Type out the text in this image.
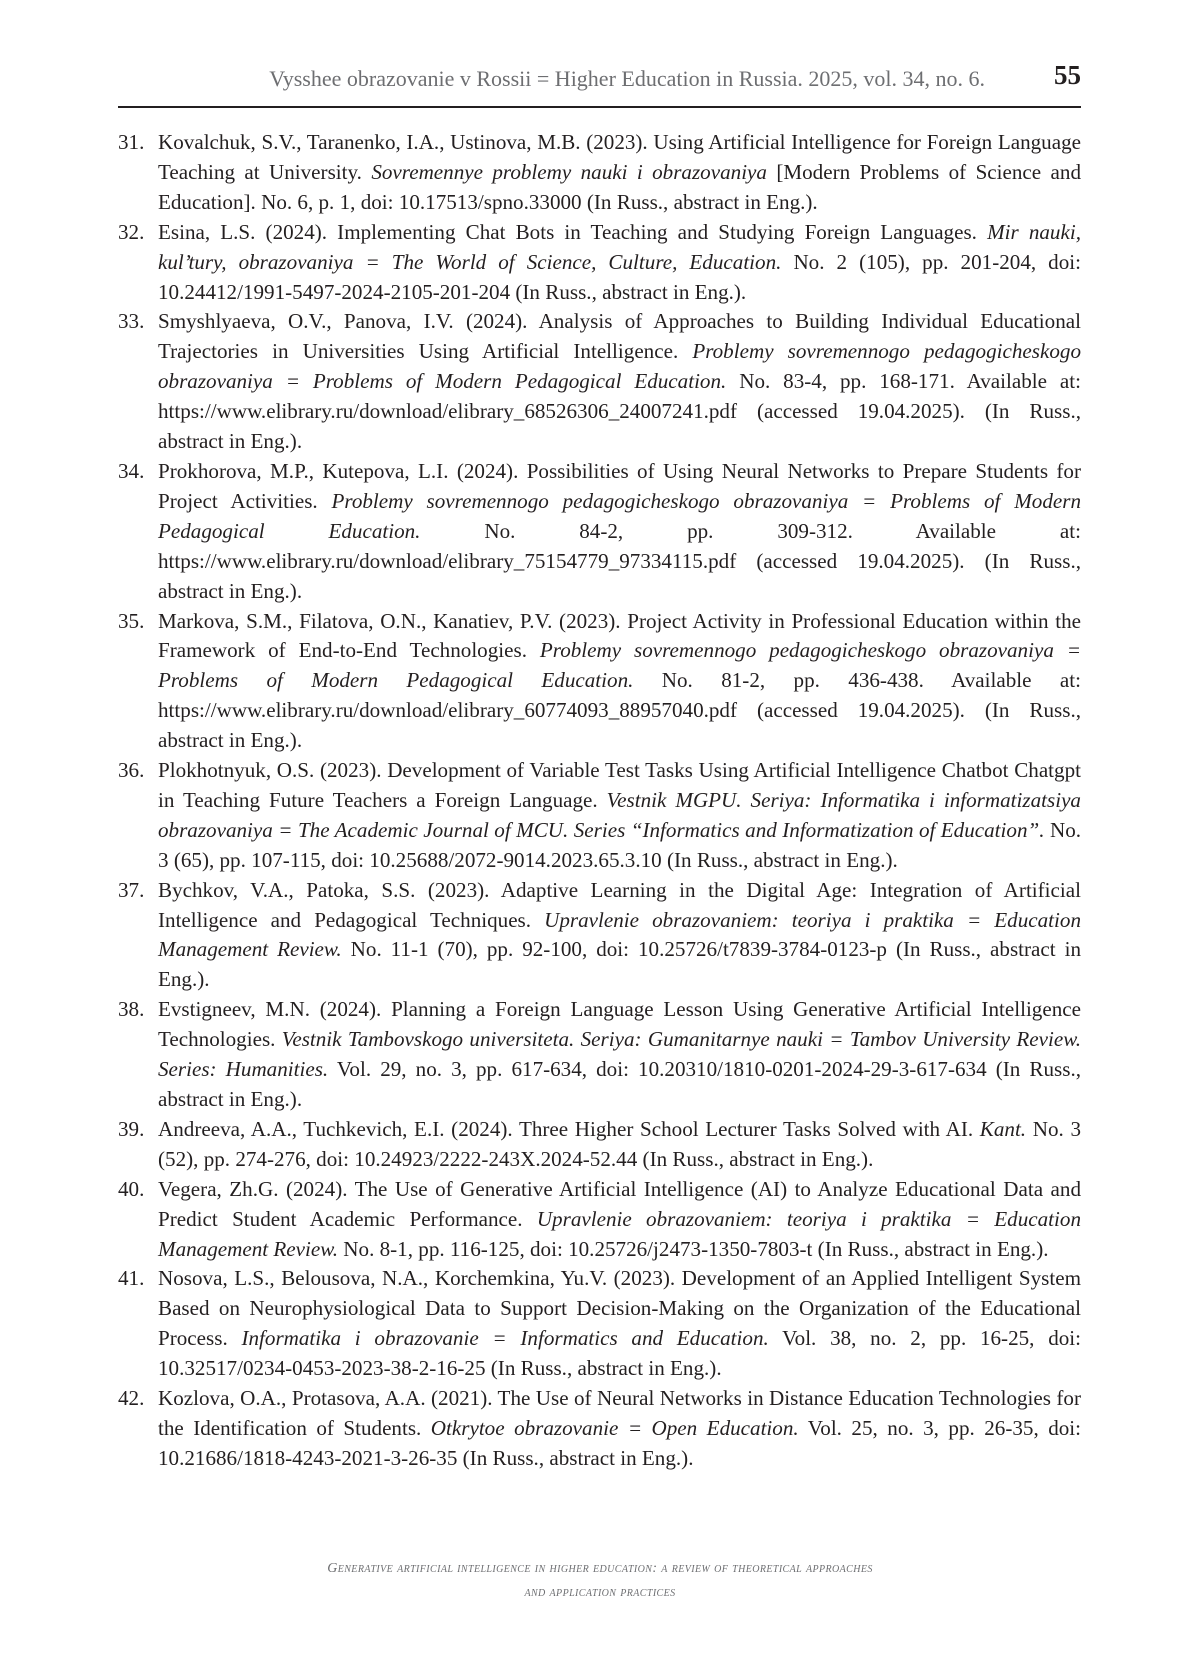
Vysshee obrazovanie v Rossii = Higher Education in Russia. 2025, vol. 34, no. 6.	55
31. Kovalchuk, S.V., Taranenko, I.A., Ustinova, M.B. (2023). Using Artificial Intelligence for Foreign Language Teaching at University. Sovremennye problemy nauki i obrazovaniya [Modern Problems of Science and Education]. No. 6, p. 1, doi: 10.17513/spno.33000 (In Russ., abstract in Eng.).
32. Esina, L.S. (2024). Implementing Chat Bots in Teaching and Studying Foreign Languages. Mir nauki, kul’tury, obrazovaniya = The World of Science, Culture, Education. No. 2 (105), pp. 201-204, doi: 10.24412/1991-5497-2024-2105-201-204 (In Russ., abstract in Eng.).
33. Smyshlyaeva, O.V., Panova, I.V. (2024). Analysis of Approaches to Building Individual Educational Trajectories in Universities Using Artificial Intelligence. Problemy sovremennogo pedagogicheskogo obrazovaniya = Problems of Modern Pedagogical Education. No. 83-4, pp. 168-171. Available at: https://www.elibrary.ru/download/elibrary_68526306_24007241.pdf (accessed 19.04.2025). (In Russ., abstract in Eng.).
34. Prokhorova, M.P., Kutepova, L.I. (2024). Possibilities of Using Neural Networks to Prepare Students for Project Activities. Problemy sovremennogo pedagogicheskogo obrazovaniya = Problems of Modern Pedagogical Education. No. 84-2, pp. 309-312. Available at: https://www.elibrary.ru/download/elibrary_75154779_97334115.pdf (accessed 19.04.2025). (In Russ., abstract in Eng.).
35. Markova, S.M., Filatova, O.N., Kanatiev, P.V. (2023). Project Activity in Professional Education within the Framework of End-to-End Technologies. Problemy sovremennogo pedagogicheskogo obrazovaniya = Problems of Modern Pedagogical Education. No. 81-2, pp. 436-438. Available at: https://www.elibrary.ru/download/elibrary_60774093_88957040.pdf (accessed 19.04.2025). (In Russ., abstract in Eng.).
36. Plokhotnyuk, O.S. (2023). Development of Variable Test Tasks Using Artificial Intelligence Chatbot Chatgpt in Teaching Future Teachers a Foreign Language. Vestnik MGPU. Seriya: Informatika i informatizatsiya obrazovaniya = The Academic Journal of MCU. Series “Informatics and Informatization of Education”. No. 3 (65), pp. 107-115, doi: 10.25688/2072-9014.2023.65.3.10 (In Russ., abstract in Eng.).
37. Bychkov, V.A., Patoka, S.S. (2023). Adaptive Learning in the Digital Age: Integration of Artificial Intelligence and Pedagogical Techniques. Upravlenie obrazovaniem: teoriya i praktika = Education Management Review. No. 11-1 (70), pp. 92-100, doi: 10.25726/t7839-3784-0123-p (In Russ., abstract in Eng.).
38. Evstigneev, M.N. (2024). Planning a Foreign Language Lesson Using Generative Artificial Intelligence Technologies. Vestnik Tambovskogo universiteta. Seriya: Gumanitarnye nauki = Tambov University Review. Series: Humanities. Vol. 29, no. 3, pp. 617-634, doi: 10.20310/1810-0201-2024-29-3-617-634 (In Russ., abstract in Eng.).
39. Andreeva, A.A., Tuchkevich, E.I. (2024). Three Higher School Lecturer Tasks Solved with AI. Kant. No. 3 (52), pp. 274-276, doi: 10.24923/2222-243X.2024-52.44 (In Russ., abstract in Eng.).
40. Vegera, Zh.G. (2024). The Use of Generative Artificial Intelligence (AI) to Analyze Educational Data and Predict Student Academic Performance. Upravlenie obrazovaniem: teoriya i praktika = Education Management Review. No. 8-1, pp. 116-125, doi: 10.25726/j2473-1350-7803-t (In Russ., abstract in Eng.).
41. Nosova, L.S., Belousova, N.A., Korchemkina, Yu.V. (2023). Development of an Applied Intelligent System Based on Neurophysiological Data to Support Decision-Making on the Organization of the Educational Process. Informatika i obrazovanie = Informatics and Education. Vol. 38, no. 2, pp. 16-25, doi: 10.32517/0234-0453-2023-38-2-16-25 (In Russ., abstract in Eng.).
42. Kozlova, O.A., Protasova, A.A. (2021). The Use of Neural Networks in Distance Education Technologies for the Identification of Students. Otkrytoe obrazovanie = Open Education. Vol. 25, no. 3, pp. 26-35, doi: 10.21686/1818-4243-2021-3-26-35 (In Russ., abstract in Eng.).
Generative artificial intelligence in higher education: a review of theoretical approaches
and application practices
